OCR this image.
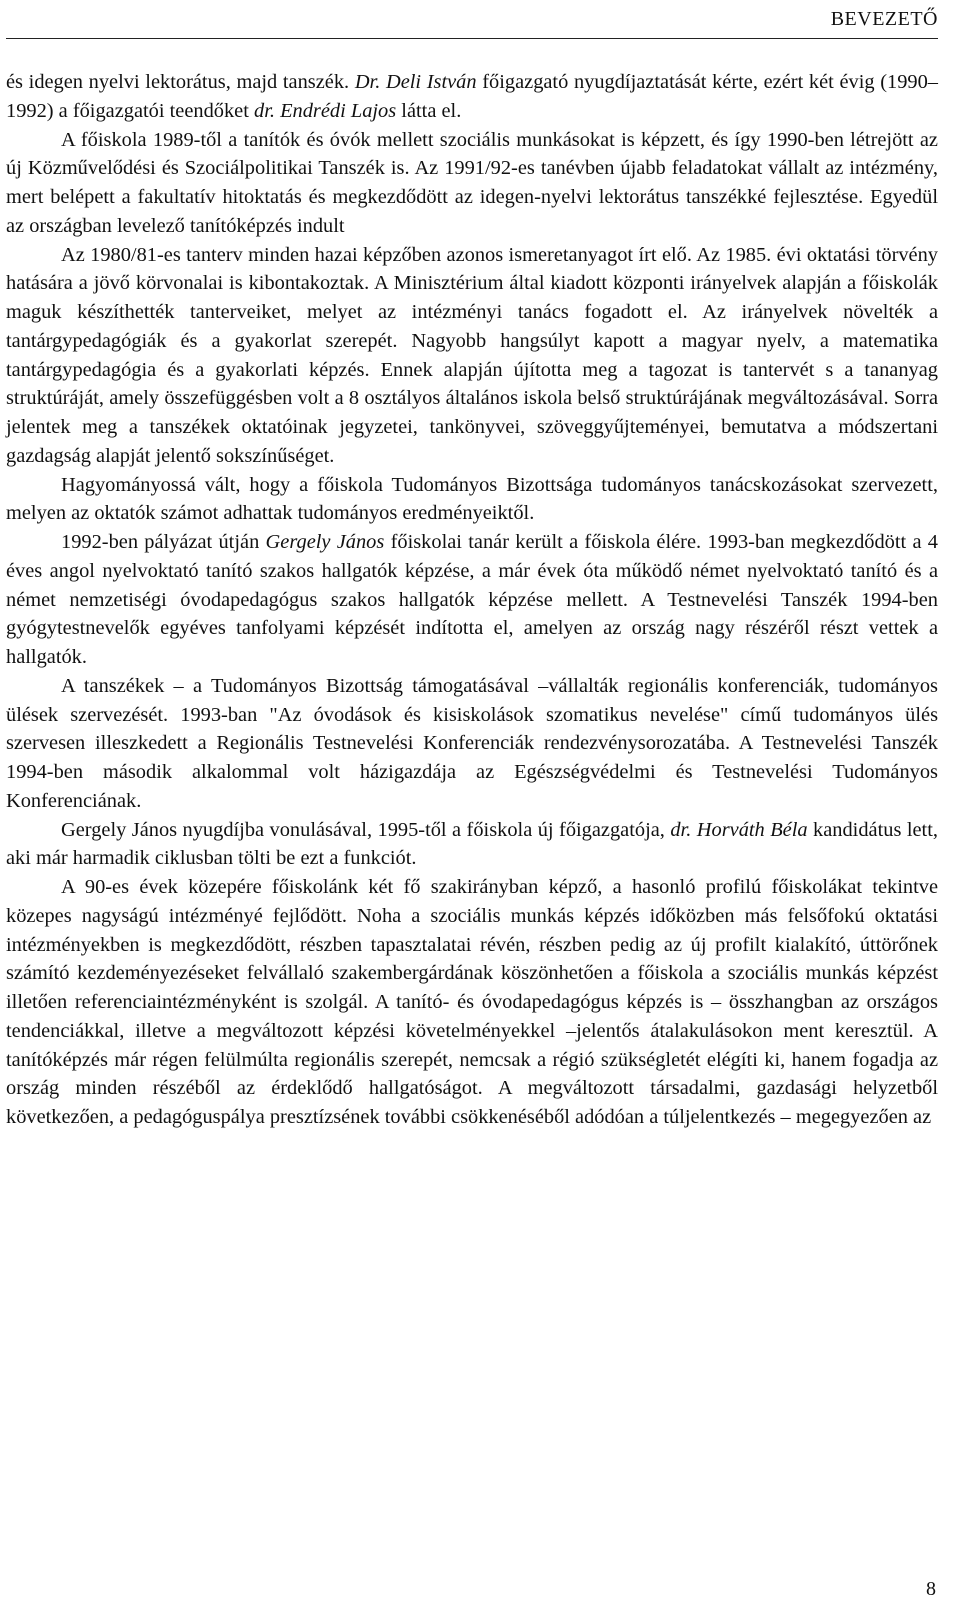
BEVEZETŐ

és idegen nyelvi lektorátus, majd tanszék. Dr. Deli István főigazgató nyugdíjaztatását kérte, ezért két évig (1990–1992) a főigazgatói teendőket dr. Endrédi Lajos látta el.

A főiskola 1989-től a tanítók és óvók mellett szociális munkásokat is képzett, és így 1990-ben létrejött az új Közművelődési és Szociálpolitikai Tanszék is. Az 1991/92-es tanévben újabb feladatokat vállalt az intézmény, mert belépett a fakultatív hitoktatás és megkezdődött az idegen-nyelvi lektorátus tanszékké fejlesztése. Egyedül az országban levelező tanítóképzés indult

Az 1980/81-es tanterv minden hazai képzőben azonos ismeretanyagot írt elő. Az 1985. évi oktatási törvény hatására a jövő körvonalai is kibontakoztak. A Minisztérium által kiadott központi irányelvek alapján a főiskolák maguk készíthették tanterveiket, melyet az intézményi tanács fogadott el. Az irányelvek növelték a tantárgypedagógiák és a gyakorlat szerepét. Nagyobb hangsúlyt kapott a magyar nyelv, a matematika tantárgypedagógia és a gyakorlati képzés. Ennek alapján újította meg a tagozat is tantervét s a tananyag struktúráját, amely összefüggésben volt a 8 osztályos általános iskola belső struktúrájának megváltozásával. Sorra jelentek meg a tanszékek oktatóinak jegyzetei, tankönyvei, szöveggyűjteményei, bemutatva a módszertani gazdagság alapját jelentő sokszínűséget.

Hagyományossá vált, hogy a főiskola Tudományos Bizottsága tudományos tanácskozásokat szervezett, melyen az oktatók számot adhattak tudományos eredményeiktől.

1992-ben pályázat útján Gergely János főiskolai tanár került a főiskola élére. 1993-ban megkezdődött a 4 éves angol nyelvoktató tanító szakos hallgatók képzése, a már évek óta működő német nyelvoktató tanító és a német nemzetiségi óvodapedagógus szakos hallgatók képzése mellett. A Testnevelési Tanszék 1994-ben gyógytestnevelők egyéves tanfolyami képzését indította el, amelyen az ország nagy részéről részt vettek a hallgatók.

A tanszékek – a Tudományos Bizottság támogatásával –vállalták regionális konferenciák, tudományos ülések szervezését. 1993-ban "Az óvodások és kisiskolások szomatikus nevelése" című tudományos ülés szervesen illeszkedett a Regionális Testnevelési Konferenciák rendezvénysorozatába. A Testnevelési Tanszék 1994-ben második alkalommal volt házigazdája az Egészségvédelmi és Testnevelési Tudományos Konferenciának.

Gergely János nyugdíjba vonulásával, 1995-től a főiskola új főigazgatója, dr. Horváth Béla kandidátus lett, aki már harmadik ciklusban tölti be ezt a funkciót.

A 90-es évek közepére főiskolánk két fő szakirányban képző, a hasonló profilú főiskolákat tekintve közepes nagyságú intézményé fejlődött. Noha a szociális munkás képzés időközben más felsőfokú oktatási intézményekben is megkezdődött, részben tapasztalatai révén, részben pedig az új profilt kialakító, úttörőnek számító kezdeményezéseket felvállaló szakembergárdának köszönhetően a főiskola a szociális munkás képzést illetően referenciaintézményként is szolgál. A tanító- és óvodapedagógus képzés is – összhangban az országos tendenciákkal, illetve a megváltozott képzési követelményekkel –jelentős átalakulásokon ment keresztül. A tanítóképzés már régen felülmúlta regionális szerepét, nemcsak a régió szükségletét elégíti ki, hanem fogadja az ország minden részéből az érdeklődő hallgatóságot. A megváltozott társadalmi, gazdasági helyzetből következően, a pedagóguspálya presztízsének további csökkenéséből adódóan a túljelentkezés – megegyezően az

8
